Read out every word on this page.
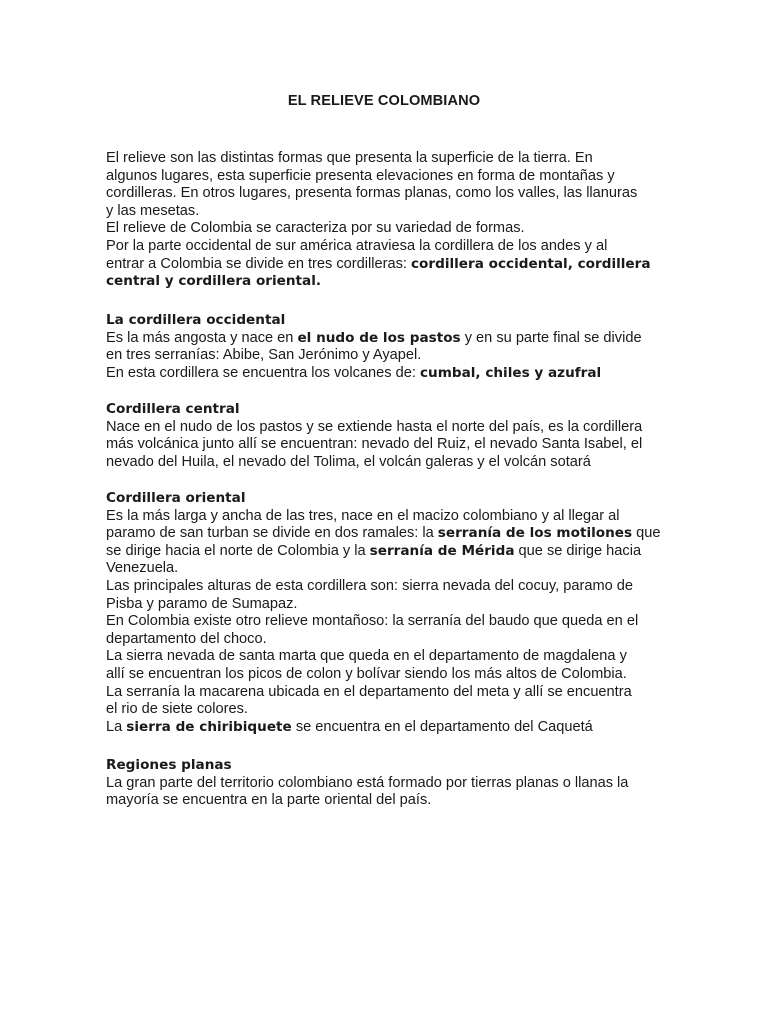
EL RELIEVE COLOMBIANO
El relieve son las distintas formas que presenta la superficie de la tierra. En
algunos lugares, esta superficie presenta elevaciones en forma de montañas y
cordilleras. En otros lugares, presenta formas planas, como los valles, las llanuras
y las mesetas.
El relieve de Colombia se caracteriza por su variedad de formas.
Por la parte occidental de sur américa atraviesa la cordillera de los andes y al
entrar a Colombia se divide en tres cordilleras: cordillera occidental, cordillera
central y cordillera oriental.
La cordillera occidental
Es la más angosta y nace en el nudo de los pastos y en su parte final se divide
en tres serranías: Abibe, San Jerónimo y Ayapel.
En esta cordillera se encuentra los volcanes de: cumbal, chiles y azufral
Cordillera central
Nace en el nudo de los pastos y se extiende hasta el norte del país, es la cordillera
más volcánica junto allí se encuentran: nevado del Ruiz, el nevado Santa Isabel, el
nevado del Huila, el nevado del Tolima, el volcán galeras y el volcán sotará
Cordillera oriental
Es la más larga y ancha de las tres, nace en el macizo colombiano y al llegar al
paramo de san turban se divide en dos ramales: la serranía de los motilones que
se dirige hacia el norte de Colombia y la serranía de Mérida que se dirige hacia
Venezuela.
Las principales alturas de esta cordillera son: sierra nevada del cocuy, paramo de
Pisba y paramo de Sumapaz.
En Colombia existe otro relieve montañoso: la serranía del baudo que queda en el
departamento del choco.
La sierra nevada de santa marta que queda en el departamento de magdalena y
allí se encuentran los picos de colon y bolívar siendo los más altos de Colombia.
La serranía la macarena ubicada en el departamento del meta y allí se encuentra
el rio de siete colores.
La sierra de chiribiquete se encuentra en el departamento del Caquetá
Regiones planas
La gran parte del territorio colombiano está formado por tierras planas o llanas la
mayoría se encuentra en la parte oriental del país.
